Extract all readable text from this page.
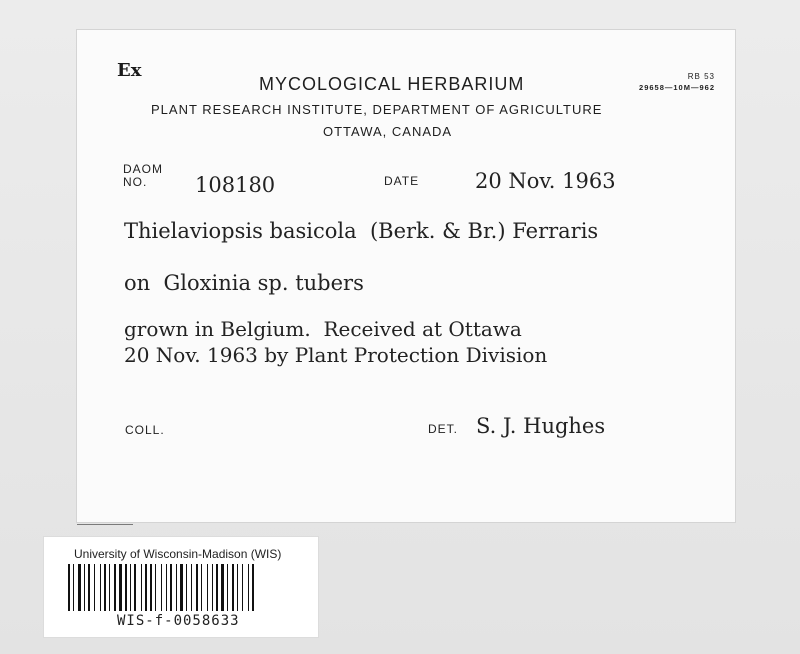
Ex
MYCOLOGICAL HERBARIUM	RB 53
29658—10M—962
PLANT RESEARCH INSTITUTE, DEPARTMENT OF AGRICULTURE
OTTAWA, CANADA
DAOM
NO.	108180	DATE	20 Nov. 1963
Thielaviopsis basicola  (Berk. & Br.) Ferraris
on  Gloxinia sp. tubers
grown in Belgium.  Received at Ottawa
20 Nov. 1963 by Plant Protection Division
COLL.	DET. S. J. Hughes
University of Wisconsin-Madison (WIS)
WIS-f-0058633
